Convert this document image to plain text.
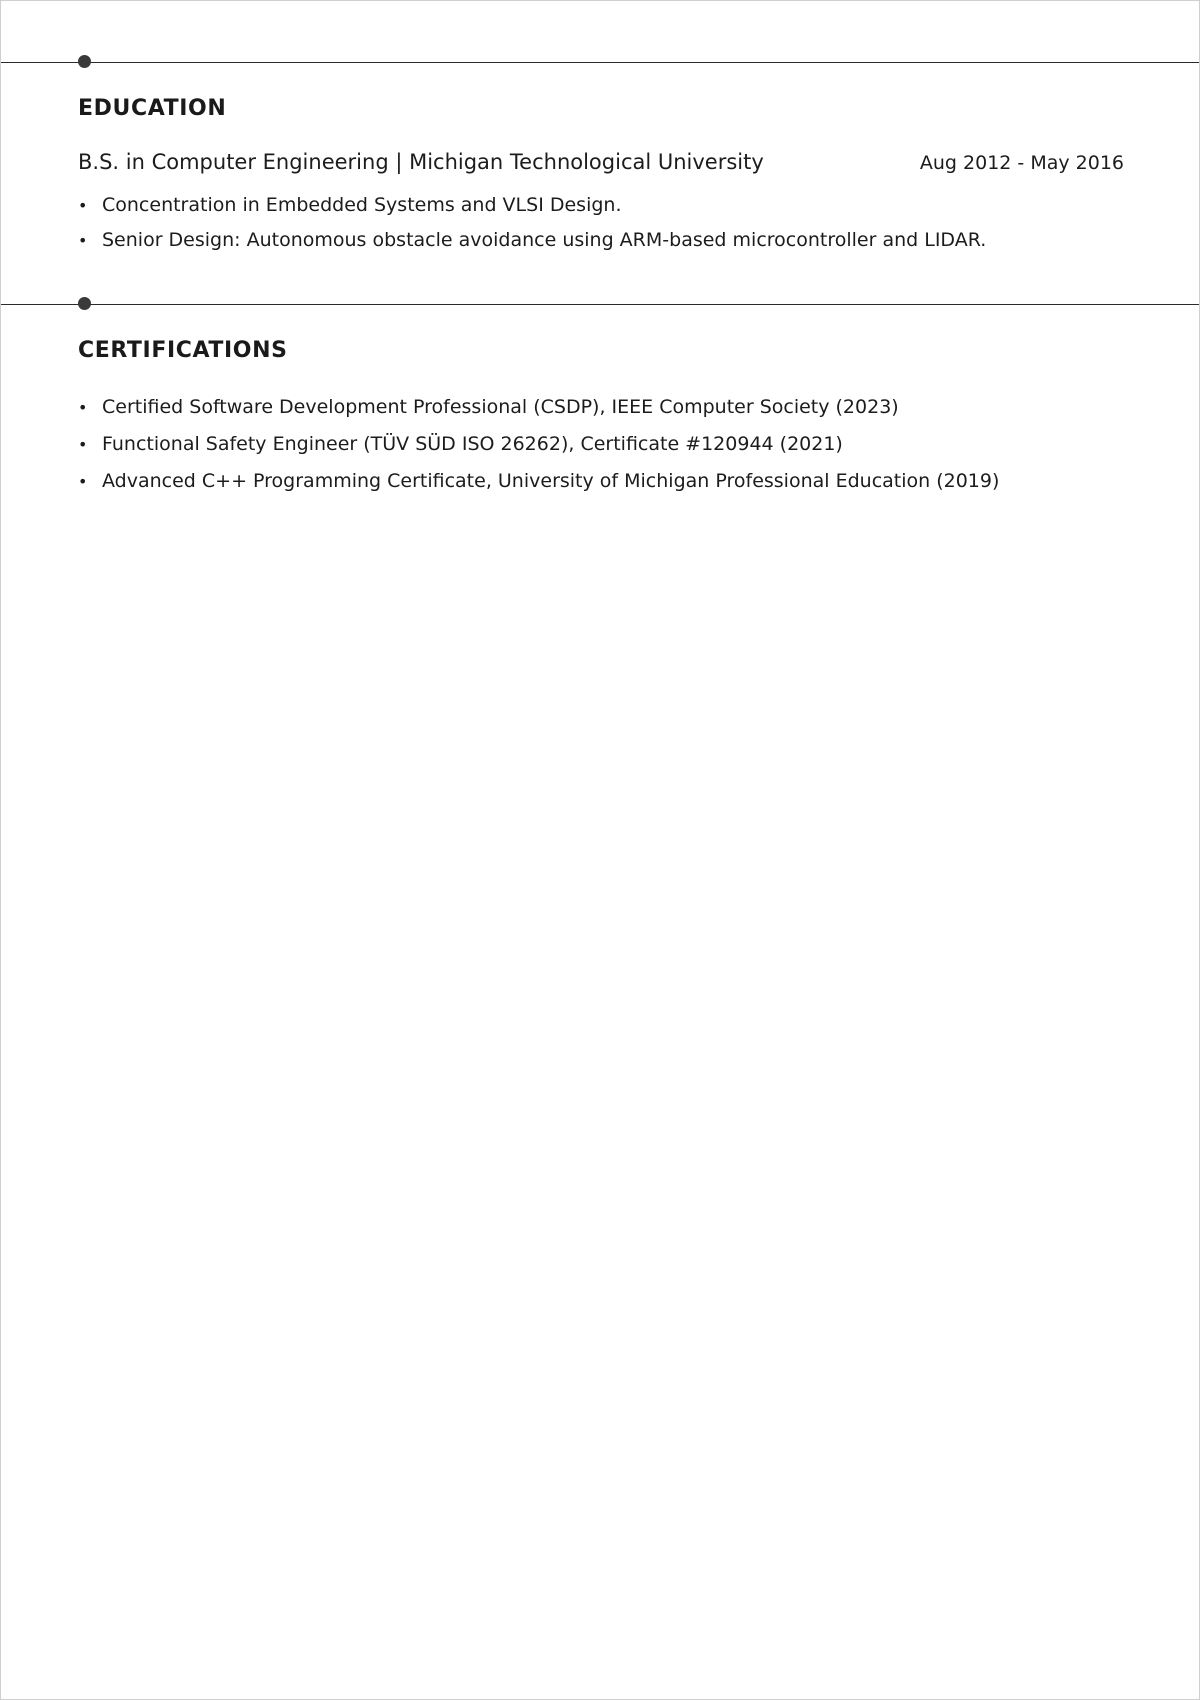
EDUCATION
B.S. in Computer Engineering | Michigan Technological University	Aug 2012 - May 2016
• Concentration in Embedded Systems and VLSI Design.
• Senior Design: Autonomous obstacle avoidance using ARM-based microcontroller and LIDAR.
CERTIFICATIONS
• Certified Software Development Professional (CSDP), IEEE Computer Society (2023)
• Functional Safety Engineer (TÜV SÜD ISO 26262), Certificate #120944 (2021)
• Advanced C++ Programming Certificate, University of Michigan Professional Education (2019)
